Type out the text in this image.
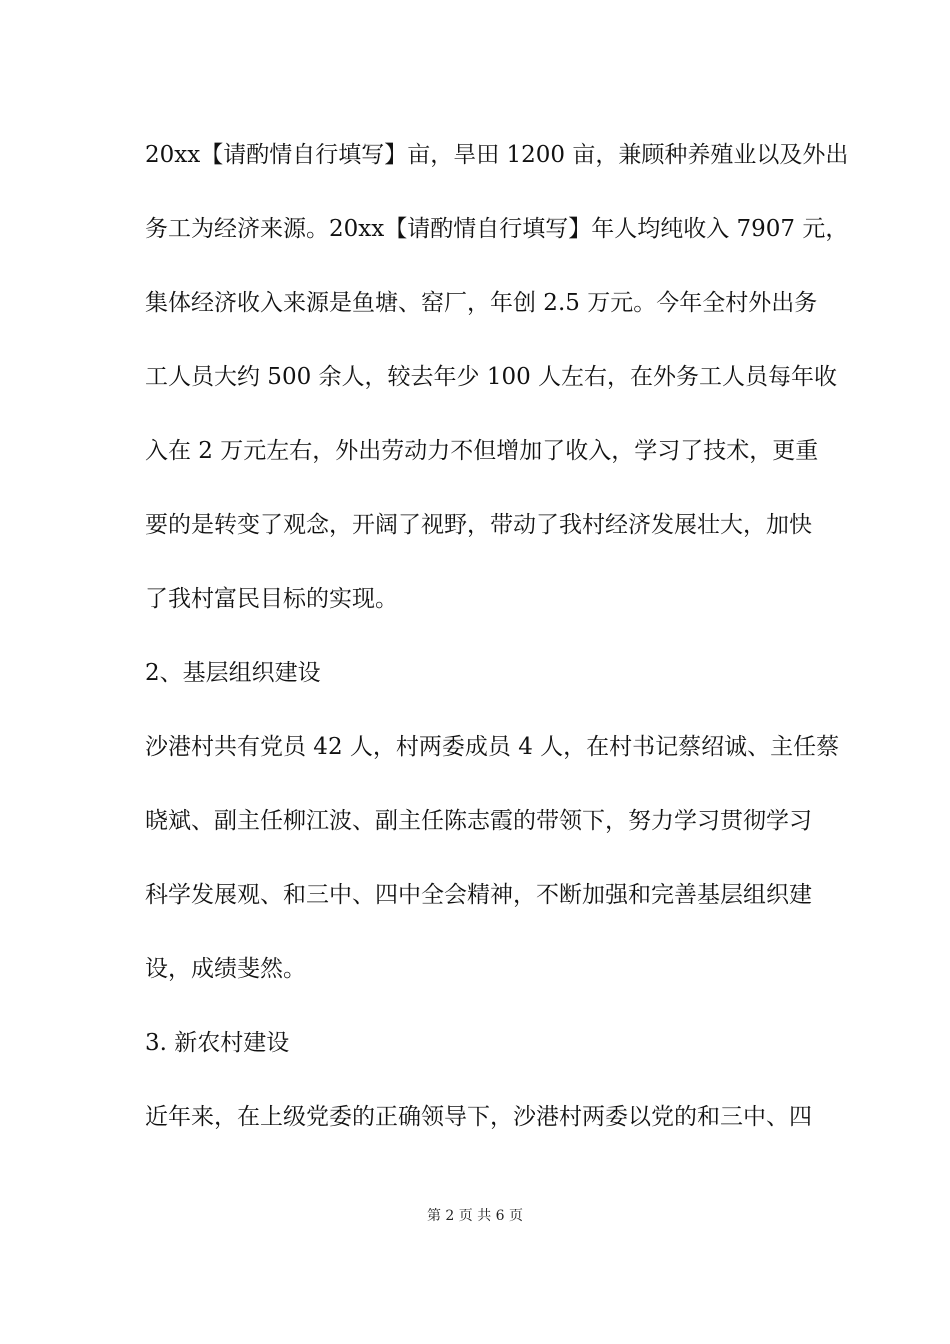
20xx【请酌情自行填写】亩，旱田 1200 亩，兼顾种养殖业以及外出
务工为经济来源。20xx【请酌情自行填写】年人均纯收入 7907 元，
集体经济收入来源是鱼塘、窑厂，年创 2.5 万元。今年全村外出务
工人员大约 500 余人，较去年少 100 人左右，在外务工人员每年收
入在 2 万元左右，外出劳动力不但增加了收入，学习了技术，更重
要的是转变了观念，开阔了视野，带动了我村经济发展壮大，加快
了我村富民目标的实现。
2、基层组织建设
沙港村共有党员 42 人，村两委成员 4 人，在村书记蔡绍诚、主任蔡
晓斌、副主任柳江波、副主任陈志霞的带领下，努力学习贯彻学习
科学发展观、和三中、四中全会精神，不断加强和完善基层组织建
设，成绩斐然。
3. 新农村建设
近年来，在上级党委的正确领导下，沙港村两委以党的和三中、四
第 2 页 共 6 页
